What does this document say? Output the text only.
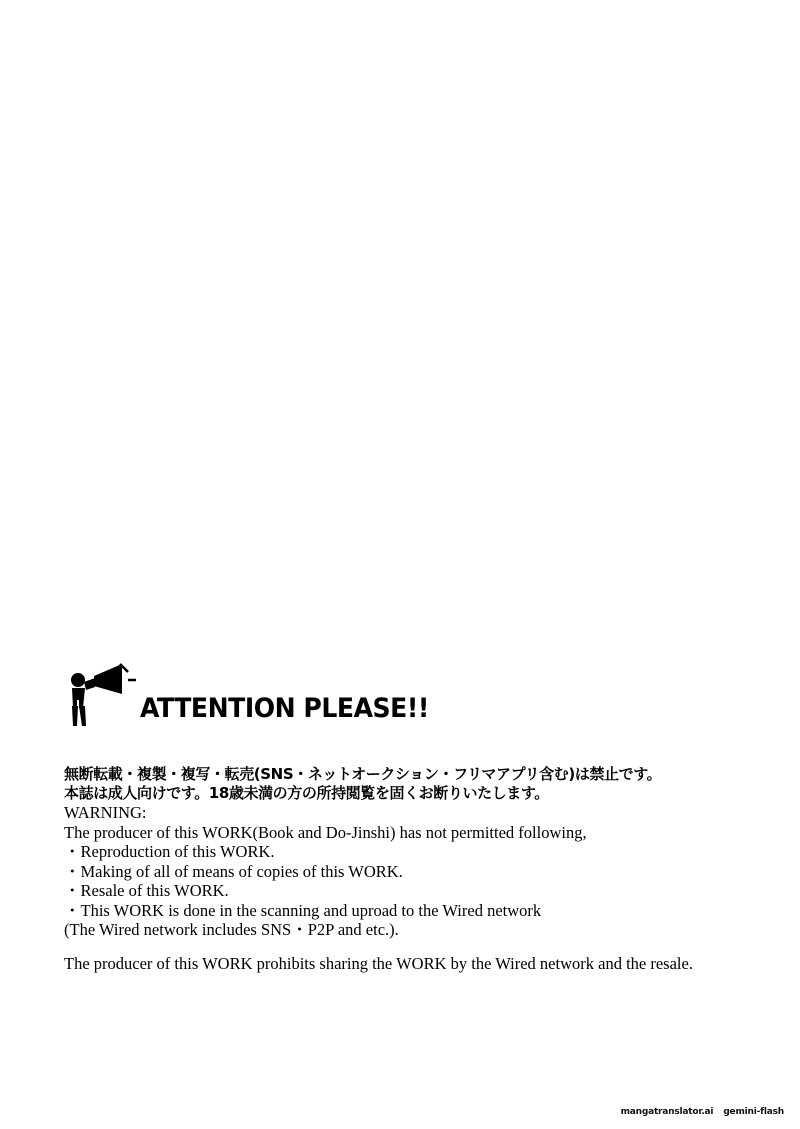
ATTENTION PLEASE!!
無断転載・複製・複写・転売(SNS・ネットオークション・フリマアプリ含む)は禁止です。
本誌は成人向けです。18歳未満の方の所持閲覧を固くお断りいたします。
WARNING:
The producer of this WORK(Book and Do-Jinshi) has not permitted following,
・Reproduction of this WORK.
・Making of all of means of copies of this WORK.
・Resale of this WORK.
・This WORK is done in the scanning and uproad to the Wired network
(The Wired network includes SNS・P2P and etc.).
The producer of this WORK prohibits sharing the WORK by the Wired network and the resale.
mangatranslator.ai gemini-flash
